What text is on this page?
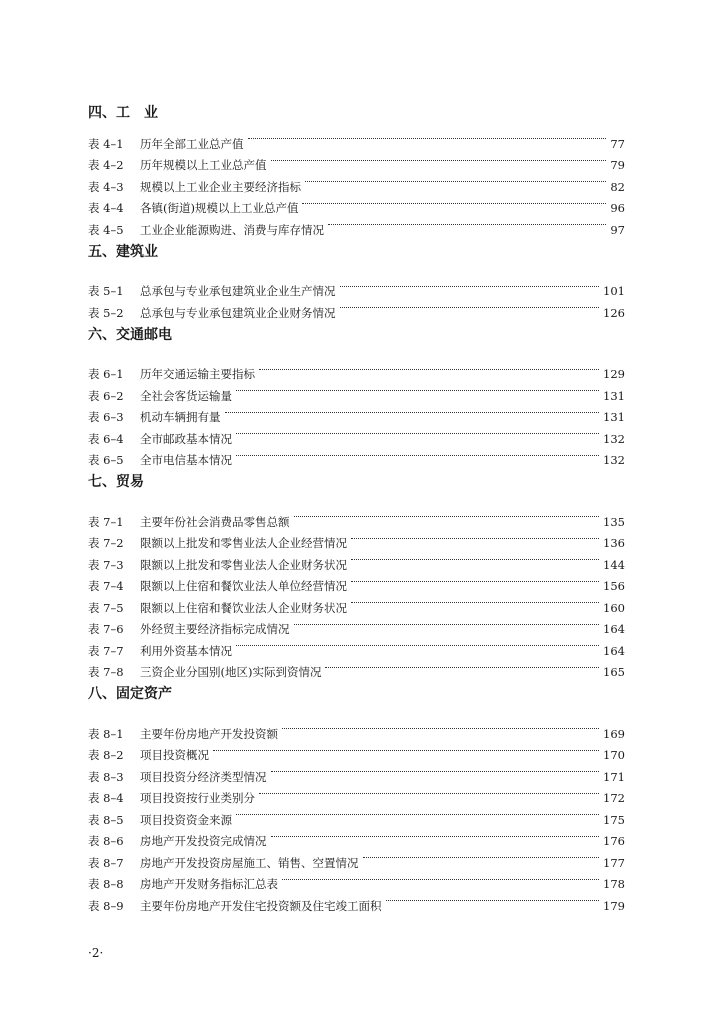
四、工　业
表 4–1	历年全部工业总产值	77
表 4–2	历年规模以上工业总产值	79
表 4–3	规模以上工业企业主要经济指标	82
表 4–4	各镇(街道)规模以上工业总产值	96
表 4–5	工业企业能源购进、消费与库存情况	97
五、建筑业
表 5–1	总承包与专业承包建筑业企业生产情况	101
表 5–2	总承包与专业承包建筑业企业财务情况	126
六、交通邮电
表 6–1	历年交通运输主要指标	129
表 6–2	全社会客货运输量	131
表 6–3	机动车辆拥有量	131
表 6–4	全市邮政基本情况	132
表 6–5	全市电信基本情况	132
七、贸易
表 7–1	主要年份社会消费品零售总额	135
表 7–2	限额以上批发和零售业法人企业经营情况	136
表 7–3	限额以上批发和零售业法人企业财务状况	144
表 7–4	限额以上住宿和餐饮业法人单位经营情况	156
表 7–5	限额以上住宿和餐饮业法人企业财务状况	160
表 7–6	外经贸主要经济指标完成情况	164
表 7–7	利用外资基本情况	164
表 7–8	三资企业分国别(地区)实际到资情况	165
八、固定资产
表 8–1	主要年份房地产开发投资额	169
表 8–2	项目投资概况	170
表 8–3	项目投资分经济类型情况	171
表 8–4	项目投资按行业类别分	172
表 8–5	项目投资资金来源	175
表 8–6	房地产开发投资完成情况	176
表 8–7	房地产开发投资房屋施工、销售、空置情况	177
表 8–8	房地产开发财务指标汇总表	178
表 8–9	主要年份房地产开发住宅投资额及住宅竣工面积	179
·2·
